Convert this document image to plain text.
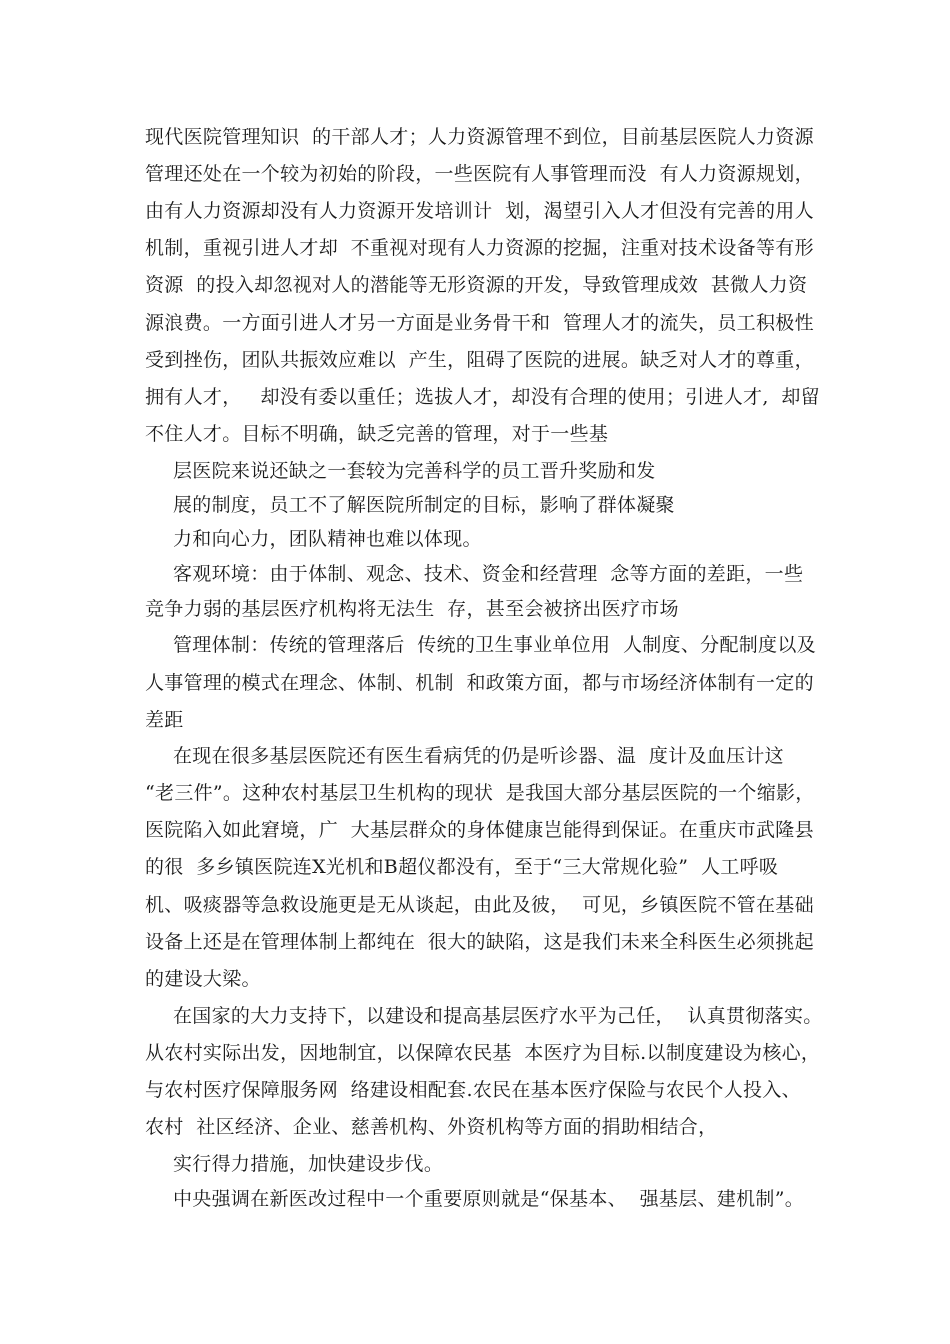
现代医院管理知识  的干部人才；人力资源管理不到位，目前基层医院人力资源
管理还处在一个较为初始的阶段，一些医院有人事管理而没  有人力资源规划，
由有人力资源却没有人力资源开发培训计  划，渴望引入人才但没有完善的用人
机制，重视引进人才却  不重视对现有人力资源的挖掘，注重对技术设备等有形
资源  的投入却忽视对人的潜能等无形资源的开发，导致管理成效  甚微人力资
源浪费。一方面引进人才另一方面是业务骨干和  管理人才的流失，员工积极性
受到挫伤，团队共振效应难以  产生，阻碍了医院的进展。缺乏对人才的尊重，
拥有人才，   却没有委以重任；选拔人才，却没有合理的使用；引进人才,  却留
不住人才。目标不明确，缺乏完善的管理，对于一些基
层医院来说还缺之一套较为完善科学的员工晋升奖励和发
展的制度，员工不了解医院所制定的目标，影响了群体凝聚
力和向心力，团队精神也难以体现。
客观环境：由于体制、观念、技术、资金和经营理  念等方面的差距，一些
竞争力弱的基层医疗机构将无法生  存，甚至会被挤出医疗市场
管理体制：传统的管理落后  传统的卫生事业单位用  人制度、分配制度以及
人事管理的模式在理念、体制、机制  和政策方面，都与市场经济体制有一定的
差距
在现在很多基层医院还有医生看病凭的仍是听诊器、温  度计及血压计这
“老三件”。这种农村基层卫生机构的现状  是我国大部分基层医院的一个缩影，
医院陷入如此窘境，广  大基层群众的身体健康岂能得到保证。在重庆市武隆县
的很  多乡镇医院连X光机和B超仪都没有，至于“三大常规化验”  人工呼吸
机、吸痰器等急救设施更是无从谈起，由此及彼，  可见，乡镇医院不管在基础
设备上还是在管理体制上都纯在  很大的缺陷，这是我们未来全科医生必须挑起
的建设大梁。
在国家的大力支持下，以建设和提高基层医疗水平为己任，  认真贯彻落实。
从农村实际出发，因地制宜，以保障农民基  本医疗为目标.以制度建设为核心，
与农村医疗保障服务网  络建设相配套.农民在基本医疗保险与农民个人投入、
农村  社区经济、企业、慈善机构、外资机构等方面的捐助相结合，
实行得力措施，加快建设步伐。
中央强调在新医改过程中一个重要原则就是“保基本、  强基层、建机制”。
